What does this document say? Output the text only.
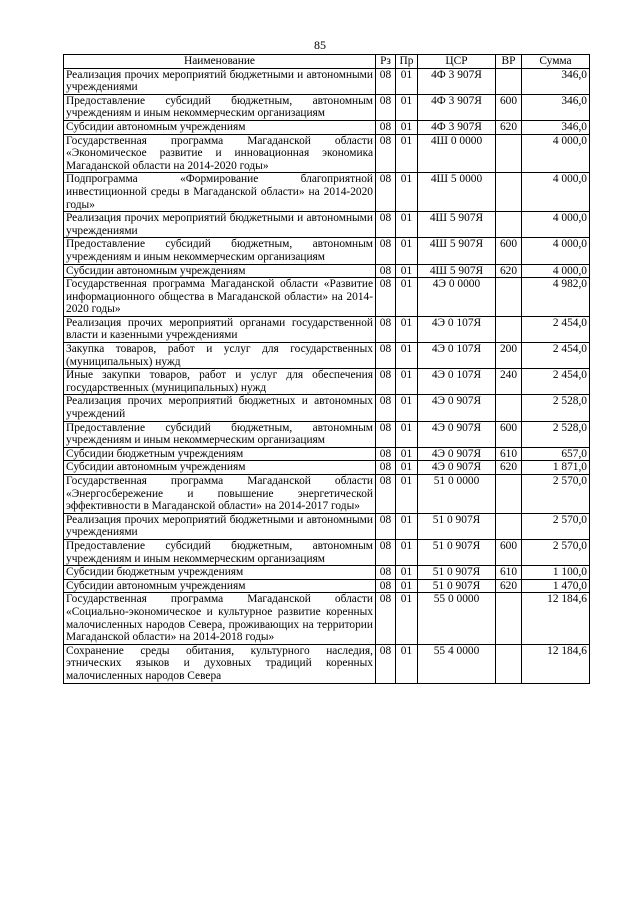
85
Наименование	Рз	Пр	ЦСР	ВР	Сумма
Реализация прочих мероприятий бюджетными и автономными учреждениями	08	01	4Ф 3 907Я		346,0
Предоставление субсидий бюджетным, автономным учреждениям и иным некоммерческим организациям	08	01	4Ф 3 907Я	600	346,0
Субсидии автономным учреждениям	08	01	4Ф 3 907Я	620	346,0
Государственная программа Магаданской области «Экономическое развитие и инновационная экономика Магаданской области на 2014-2020 годы»	08	01	4Ш 0 0000		4 000,0
Подпрограмма «Формирование благоприятной инвестиционной среды в Магаданской области» на 2014-2020 годы»	08	01	4Ш 5 0000		4 000,0
Реализация прочих мероприятий бюджетными и автономными учреждениями	08	01	4Ш 5 907Я		4 000,0
Предоставление субсидий бюджетным, автономным учреждениям и иным некоммерческим организациям	08	01	4Ш 5 907Я	600	4 000,0
Субсидии автономным учреждениям	08	01	4Ш 5 907Я	620	4 000,0
Государственная программа Магаданской области «Развитие информационного общества в Магаданской области» на 2014-2020 годы»	08	01	4Э 0 0000		4 982,0
Реализация прочих мероприятий органами государственной власти и казенными учреждениями	08	01	4Э 0 107Я		2 454,0
Закупка товаров, работ и услуг для государственных (муниципальных) нужд	08	01	4Э 0 107Я	200	2 454,0
Иные закупки товаров, работ и услуг для обеспечения государственных (муниципальных) нужд	08	01	4Э 0 107Я	240	2 454,0
Реализация прочих мероприятий бюджетных и автономных учреждений	08	01	4Э 0 907Я		2 528,0
Предоставление субсидий бюджетным, автономным учреждениям и иным некоммерческим организациям	08	01	4Э 0 907Я	600	2 528,0
Субсидии бюджетным учреждениям	08	01	4Э 0 907Я	610	657,0
Субсидии автономным учреждениям	08	01	4Э 0 907Я	620	1 871,0
Государственная программа Магаданской области «Энергосбережение и повышение энергетической эффективности в Магаданской области» на 2014-2017 годы»	08	01	51 0 0000		2 570,0
Реализация прочих мероприятий бюджетными и автономными учреждениями	08	01	51 0 907Я		2 570,0
Предоставление субсидий бюджетным, автономным учреждениям и иным некоммерческим организациям	08	01	51 0 907Я	600	2 570,0
Субсидии бюджетным учреждениям	08	01	51 0 907Я	610	1 100,0
Субсидии автономным учреждениям	08	01	51 0 907Я	620	1 470,0
Государственная программа Магаданской области «Социально-экономическое и культурное развитие коренных малочисленных народов Севера, проживающих на территории Магаданской области» на 2014-2018 годы»	08	01	55 0 0000		12 184,6
Сохранение среды обитания, культурного наследия, этнических языков и духовных традиций коренных малочисленных народов Севера	08	01	55 4 0000		12 184,6
